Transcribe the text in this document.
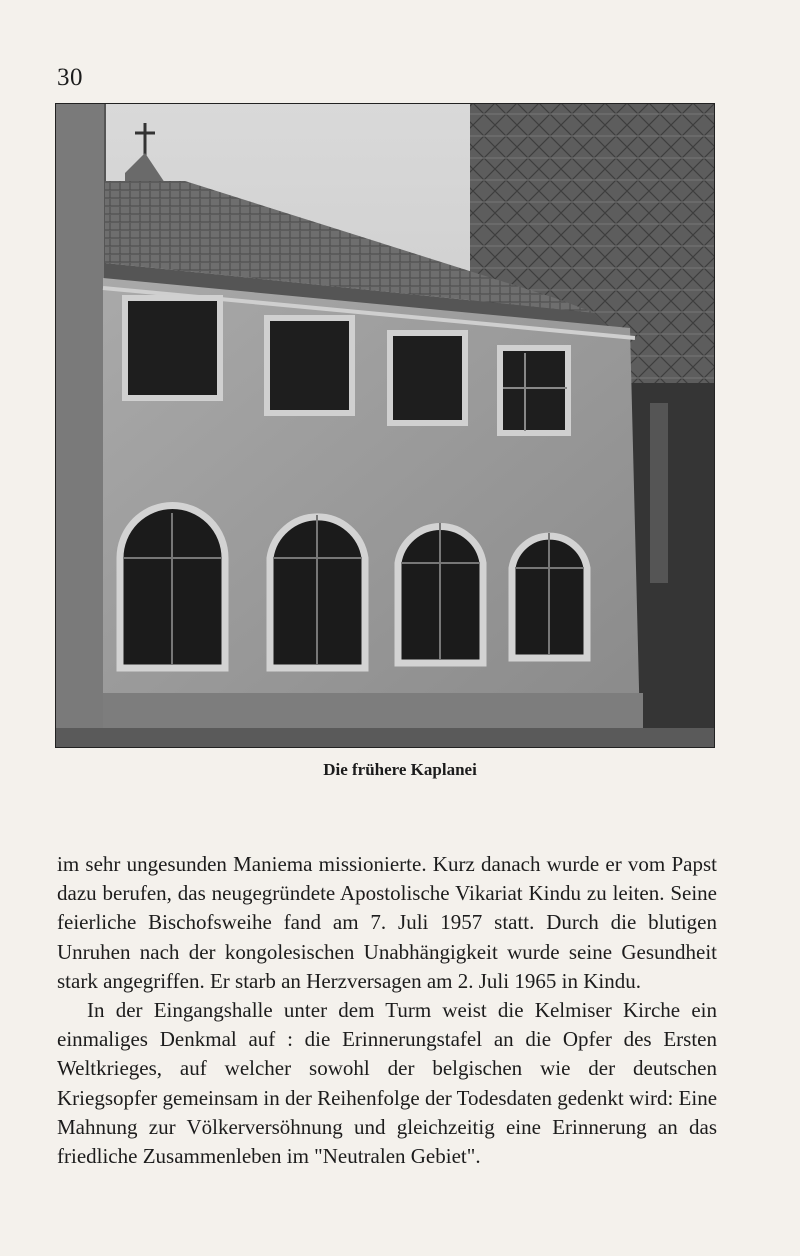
30
Die frühere Kaplanei

im sehr ungesunden Maniema missionierte. Kurz danach wurde er vom Papst dazu berufen, das neugegründete Apostolische Vikariat Kindu zu leiten. Seine feierliche Bischofsweihe fand am 7. Juli 1957 statt. Durch die blutigen Unruhen nach der kongolesischen Unabhängigkeit wurde seine Gesundheit stark angegriffen. Er starb an Herzversagen am 2. Juli 1965 in Kindu.

In der Eingangshalle unter dem Turm weist die Kelmiser Kirche ein einmaliges Denkmal auf : die Erinnerungstafel an die Opfer des Ersten Weltkrieges, auf welcher sowohl der belgischen wie der deutschen Kriegsopfer gemeinsam in der Reihenfolge der Todesdaten gedenkt wird: Eine Mahnung zur Völkerversöhnung und gleichzeitig eine Erinnerung an das friedliche Zusammenleben im "Neutralen Gebiet".
